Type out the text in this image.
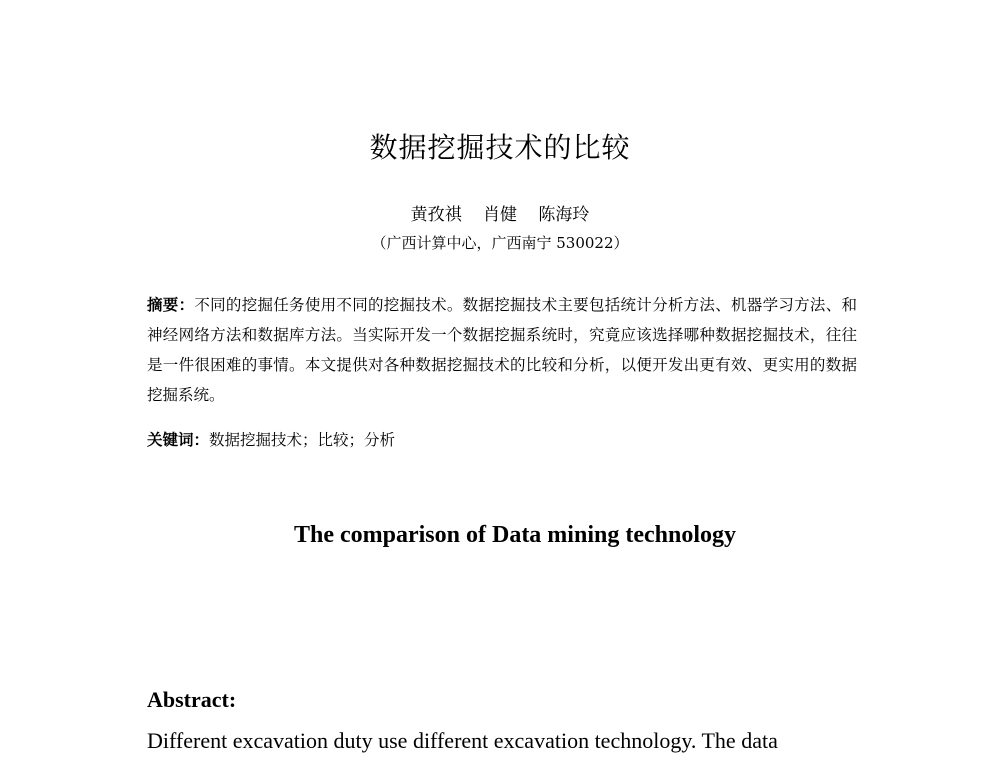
数据挖掘技术的比较
黄孜祺 肖健 陈海玲
（广西计算中心，广西南宁 530022）
摘要：不同的挖掘任务使用不同的挖掘技术。数据挖掘技术主要包括统计分析方法、机器学习方法、和神经网络方法和数据库方法。当实际开发一个数据挖掘系统时，究竟应该选择哪种数据挖掘技术，往往是一件很困难的事情。本文提供对各种数据挖掘技术的比较和分析，以便开发出更有效、更实用的数据挖掘系统。
关键词：数据挖掘技术；比较；分析
The comparison of Data mining technology
Abstract:
Different excavation duty use different excavation technology. The data
